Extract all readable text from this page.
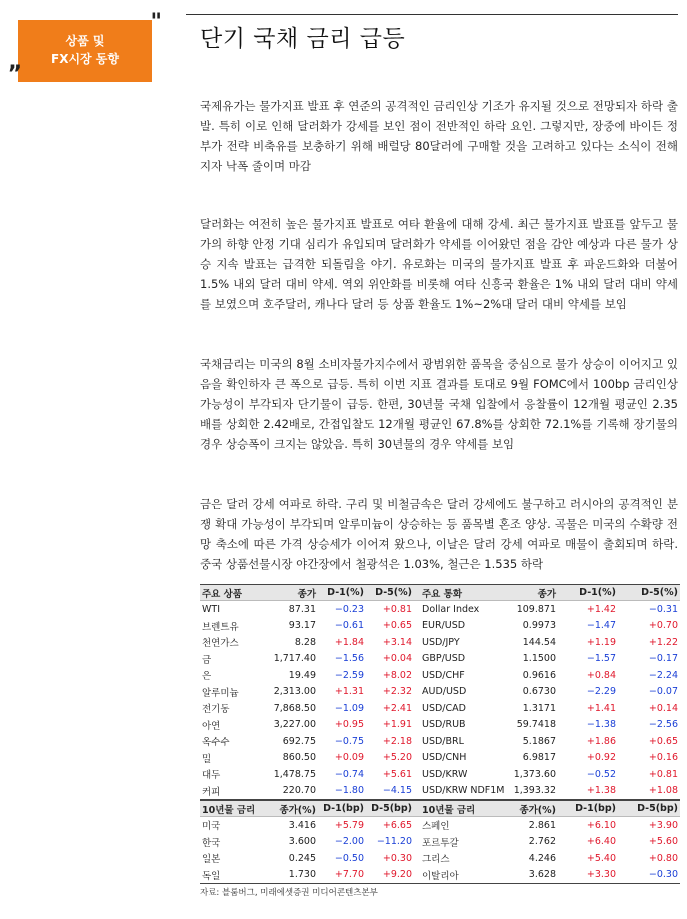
"
상품 및
FX시장 동향
„
단기 국채 금리 급등

국제유가는 물가지표 발표 후 연준의 공격적인 금리인상 기조가 유지될 것으로 전망되자 하락 출발. 특히 이로 인해 달러화가 강세를 보인 점이 전반적인 하락 요인. 그렇지만, 장중에 바이든 정부가 전략 비축유를 보충하기 위해 배럴당 80달러에 구매할 것을 고려하고 있다는 소식이 전해지자 낙폭 줄이며 마감

달러화는 여전히 높은 물가지표 발표로 여타 환율에 대해 강세. 최근 물가지표 발표를 앞두고 물가의 하향 안정 기대 심리가 유입되며 달러화가 약세를 이어왔던 점을 감안 예상과 다른 물가 상승 지속 발표는 급격한 되돌림을 야기. 유로화는 미국의 물가지표 발표 후 파운드화와 더불어 1.5% 내외 달러 대비 약세. 역외 위안화를 비롯해 여타 신흥국 환율은 1% 내외 달러 대비 약세를 보였으며 호주달러, 캐나다 달러 등 상품 환율도 1%~2%대 달러 대비 약세를 보임

국채금리는 미국의 8월 소비자물가지수에서 광범위한 품목을 중심으로 물가 상승이 이어지고 있음을 확인하자 큰 폭으로 급등. 특히 이번 지표 결과를 토대로 9월 FOMC에서 100bp 금리인상 가능성이 부각되자 단기물이 급등. 한편, 30년물 국채 입찰에서 응찰률이 12개월 평균인 2.35배를 상회한 2.42배로, 간접입찰도 12개월 평균인 67.8%를 상회한 72.1%를 기록해 장기물의 경우 상승폭이 크지는 않았음. 특히 30년물의 경우 약세를 보임

금은 달러 강세 여파로 하락. 구리 및 비철금속은 달러 강세에도 불구하고 러시아의 공격적인 분쟁 확대 가능성이 부각되며 알루미늄이 상승하는 등 품목별 혼조 양상. 곡물은 미국의 수확량 전망 축소에 따른 가격 상승세가 이어져 왔으나, 이날은 달러 강세 여파로 매물이 출회되며 하락. 중국 상품선물시장 야간장에서 철광석은 1.03%, 철근은 1.535 하락

주요 상품	종가	D-1(%)	D-5(%)	주요 통화	종가	D-1(%)	D-5(%)
WTI	87.31	−0.23	+0.81	Dollar Index	109.871	+1.42	−0.31
브렌트유	93.17	−0.61	+0.65	EUR/USD	0.9973	−1.47	+0.70
천연가스	8.28	+1.84	+3.14	USD/JPY	144.54	+1.19	+1.22
금	1,717.40	−1.56	+0.04	GBP/USD	1.1500	−1.57	−0.17
은	19.49	−2.59	+8.02	USD/CHF	0.9616	+0.84	−2.24
알루미늄	2,313.00	+1.31	+2.32	AUD/USD	0.6730	−2.29	−0.07
전기동	7,868.50	−1.09	+2.41	USD/CAD	1.3171	+1.41	+0.14
아연	3,227.00	+0.95	+1.91	USD/RUB	59.7418	−1.38	−2.56
옥수수	692.75	−0.75	+2.18	USD/BRL	5.1867	+1.86	+0.65
밀	860.50	+0.09	+5.20	USD/CNH	6.9817	+0.92	+0.16
대두	1,478.75	−0.74	+5.61	USD/KRW	1,373.60	−0.52	+0.81
커피	220.70	−1.80	−4.15	USD/KRW NDF1M 1,393.32	+1.38	+1.08
10년물 금리	종가(%) D-1(bp) D-5(bp)	10년물 금리	종가(%)	D-1(bp)	D-5(bp)
미국	3.416	+5.79	+6.65	스페인	2.861	+6.10	+3.90
한국	3.600	−2.00	−11.20	포르투갈	2.762	+6.40	+5.60
일본	0.245	−0.50	+0.30	그리스	4.246	+5.40	+0.80
독일	1.730	+7.70	+9.20	이탈리아	3.628	+3.30	−0.30
자료: 블룸버그, 미래에셋증권 미디어콘텐츠본부
